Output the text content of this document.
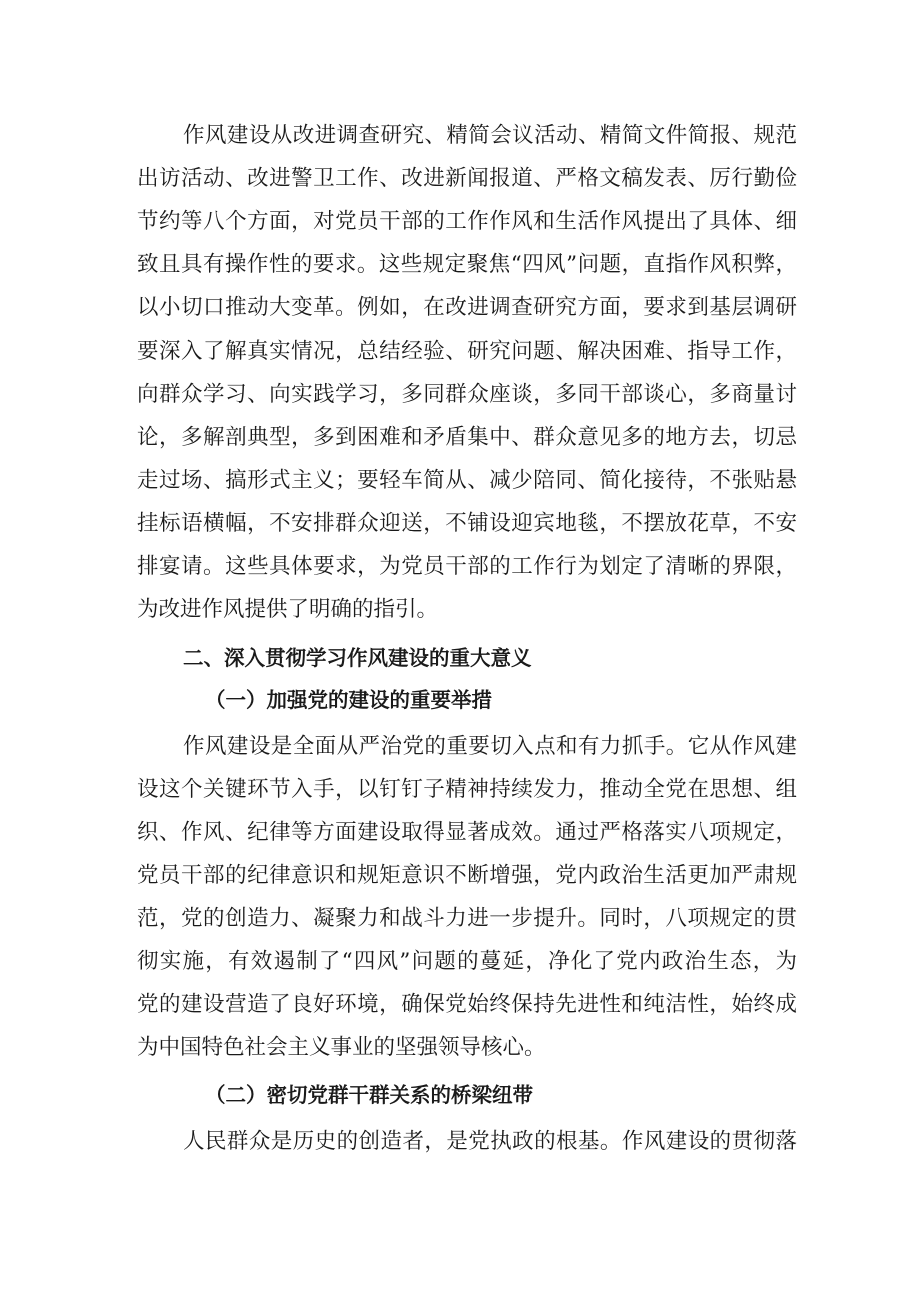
作风建设从改进调查研究、精简会议活动、精简文件简报、规范
出访活动、改进警卫工作、改进新闻报道、严格文稿发表、厉行勤俭
节约等八个方面，对党员干部的工作作风和生活作风提出了具体、细
致且具有操作性的要求。这些规定聚焦“四风”问题，直指作风积弊，
以小切口推动大变革。例如，在改进调查研究方面，要求到基层调研
要深入了解真实情况，总结经验、研究问题、解决困难、指导工作，
向群众学习、向实践学习，多同群众座谈，多同干部谈心，多商量讨
论，多解剖典型，多到困难和矛盾集中、群众意见多的地方去，切忌
走过场、搞形式主义；要轻车简从、减少陪同、简化接待，不张贴悬
挂标语横幅，不安排群众迎送，不铺设迎宾地毯，不摆放花草，不安
排宴请。这些具体要求，为党员干部的工作行为划定了清晰的界限，
为改进作风提供了明确的指引。
二、深入贯彻学习作风建设的重大意义
（一）加强党的建设的重要举措
作风建设是全面从严治党的重要切入点和有力抓手。它从作风建
设这个关键环节入手，以钉钉子精神持续发力，推动全党在思想、组
织、作风、纪律等方面建设取得显著成效。通过严格落实八项规定，
党员干部的纪律意识和规矩意识不断增强，党内政治生活更加严肃规
范，党的创造力、凝聚力和战斗力进一步提升。同时，八项规定的贯
彻实施，有效遏制了“四风”问题的蔓延，净化了党内政治生态，为
党的建设营造了良好环境，确保党始终保持先进性和纯洁性，始终成
为中国特色社会主义事业的坚强领导核心。
（二）密切党群干群关系的桥梁纽带
人民群众是历史的创造者，是党执政的根基。作风建设的贯彻落
